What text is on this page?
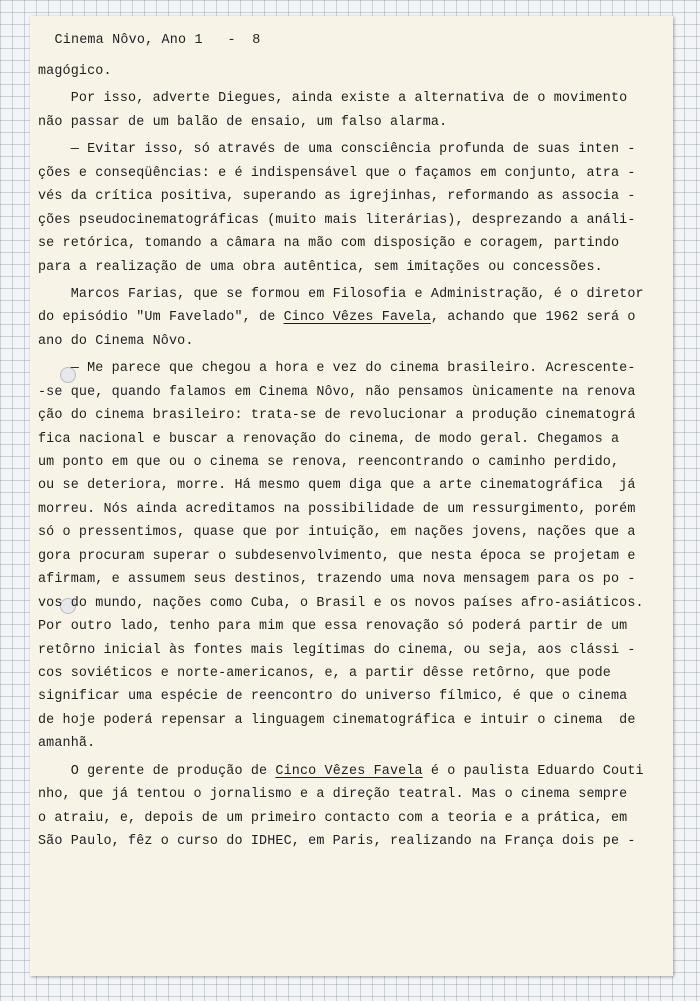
Cinema Nôvo, Ano 1 - 8

magógico.
Por isso, adverte Diegues, ainda existe a alternativa de o movimento
não passar de um balão de ensaio, um falso alarma.
— Evitar isso, só através de uma consciência profunda de suas inten -
ções e conseqüências: e é indispensável que o façamos em conjunto, atra -
vés da crítica positiva, superando as igrejinhas, reformando as associa -
ções pseudocinematográficas (muito mais literárias), desprezando a análi-
se retórica, tomando a câmara na mão com disposição e coragem, partindo
para a realização de uma obra autêntica, sem imitações ou concessões.
Marcos Farias, que se formou em Filosofia e Administração, é o diretor
do episódio "Um Favelado", de Cinco Vêzes Favela, achando que 1962 será o
ano do Cinema Nôvo.
— Me parece que chegou a hora e vez do cinema brasileiro. Acrescente-
-se que, quando falamos em Cinema Nôvo, não pensamos ùnicamente na renova
ção do cinema brasileiro: trata-se de revolucionar a produção cinematográ
fica nacional e buscar a renovação do cinema, de modo geral. Chegamos a
um ponto em que ou o cinema se renova, reencontrando o caminho perdido,
ou se deteriora, morre. Há mesmo quem diga que a arte cinematográfica  já
morreu. Nós ainda acreditamos na possibilidade de um ressurgimento, porém
só o pressentimos, quase que por intuição, em nações jovens, nações que a
gora procuram superar o subdesenvolvimento, que nesta época se projetam e
afirmam, e assumem seus destinos, trazendo uma nova mensagem para os po -
vos do mundo, nações como Cuba, o Brasil e os novos países afro-asiáticos.
Por outro lado, tenho para mim que essa renovação só poderá partir de um
retôrno inicial às fontes mais legítimas do cinema, ou seja, aos clássi -
cos soviéticos e norte-americanos, e, a partir dêsse retôrno, que pode
significar uma espécie de reencontro do universo fílmico, é que o cinema
de hoje poderá repensar a linguagem cinematográfica e intuir o cinema  de
amanhã.
O gerente de produção de Cinco Vêzes Favela é o paulista Eduardo Couti
nho, que já tentou o jornalismo e a direção teatral. Mas o cinema sempre
o atraiu, e, depois de um primeiro contacto com a teoria e a prática, em
São Paulo, fêz o curso do IDHEC, em Paris, realizando na França dois pe -
